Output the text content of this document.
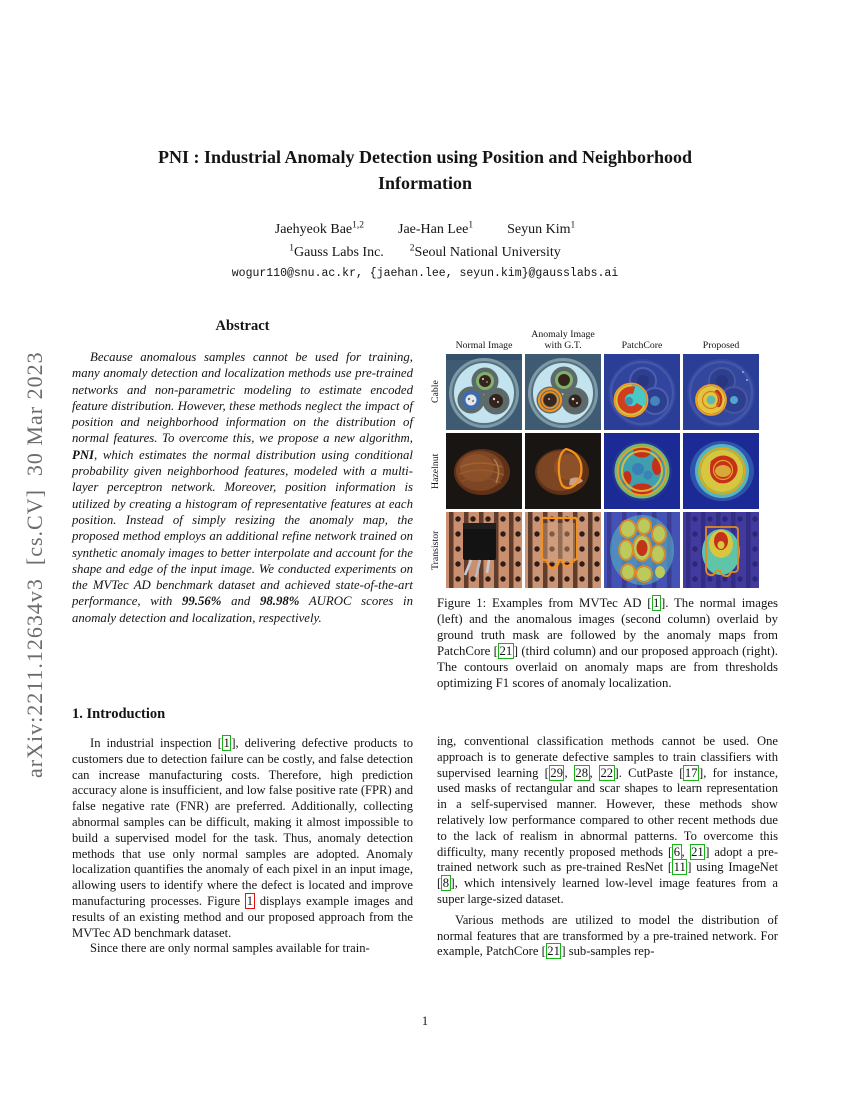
arXiv:2211.12634v3  [cs.CV]  30 Mar 2023
PNI : Industrial Anomaly Detection using Position and Neighborhood Information
Jaehyeok Bae$^{1,2}$ Jae-Han Lee$^1$ Seyun Kim$^1$
$^1$Gauss Labs Inc.	$^2$Seoul National University
wogur110@snu.ac.kr, {jaehan.lee, seyun.kim}@gausslabs.ai
Abstract
Because anomalous samples cannot be used for training, many anomaly detection and localization methods use pre-trained networks and non-parametric modeling to estimate encoded feature distribution. However, these methods neglect the impact of position and neighborhood information on the distribution of normal features. To overcome this, we propose a new algorithm, PNI, which estimates the normal distribution using conditional probability given neighborhood features, modeled with a multi-layer perceptron network. Moreover, position information is utilized by creating a histogram of representative features at each position. Instead of simply resizing the anomaly map, the proposed method employs an additional refine network trained on synthetic anomaly images to better interpolate and account for the shape and edge of the input image. We conducted experiments on the MVTec AD benchmark dataset and achieved state-of-the-art performance, with 99.56% and 98.98% AUROC scores in anomaly detection and localization, respectively.
1. Introduction
In industrial inspection [ 1 ], delivering defective products to customers due to detection failure can be costly, and false detection can increase manufacturing costs. Therefore, high prediction accuracy alone is insufficient, and low false positive rate (FPR) and false negative rate (FNR) are preferred. Additionally, collecting abnormal samples can be difficult, making it almost impossible to build a supervised model for the task. Thus, anomaly detection methods that use only normal samples are adopted. Anomaly localization quantifies the anomaly of each pixel in an input image, allowing users to identify where the defect is located and improve manufacturing processes. Figure 1 displays example images and results of an existing method and our proposed approach from the MVTec AD benchmark dataset.
Since there are only normal samples available for train-
Normal Image
Anomaly Image with G.T.	PatchCore	Proposed
Cable
Hazelnut
Transistor
Figure 1: Examples from MVTec AD [ 1 ]. The normal images (left) and the anomalous images (second column) overlaid by ground truth mask are followed by the anomaly maps from PatchCore [ 21 ] (third column) and our proposed approach (right). The contours overlaid on anomaly maps are from thresholds optimizing F1 scores of anomaly localization.
ing, conventional classification methods cannot be used. One approach is to generate defective samples to train classifiers with supervised learning [ 29 , 28 , 22 ]. CutPaste [ 17 ], for instance, used masks of rectangular and scar shapes to learn representation in a self-supervised manner. However, these methods show relatively low performance compared to other recent methods due to the lack of realism in abnormal patterns. To overcome this difficulty, many recently proposed methods [ 6 , 21 ] adopt a pre-trained network such as pre-trained ResNet [ 11 ] using ImageNet [ 8 ], which intensively learned low-level image features from a super large-sized dataset.
Various methods are utilized to model the distribution of normal features that are transformed by a pre-trained network. For example, PatchCore [ 21 ] sub-samples rep-
1
